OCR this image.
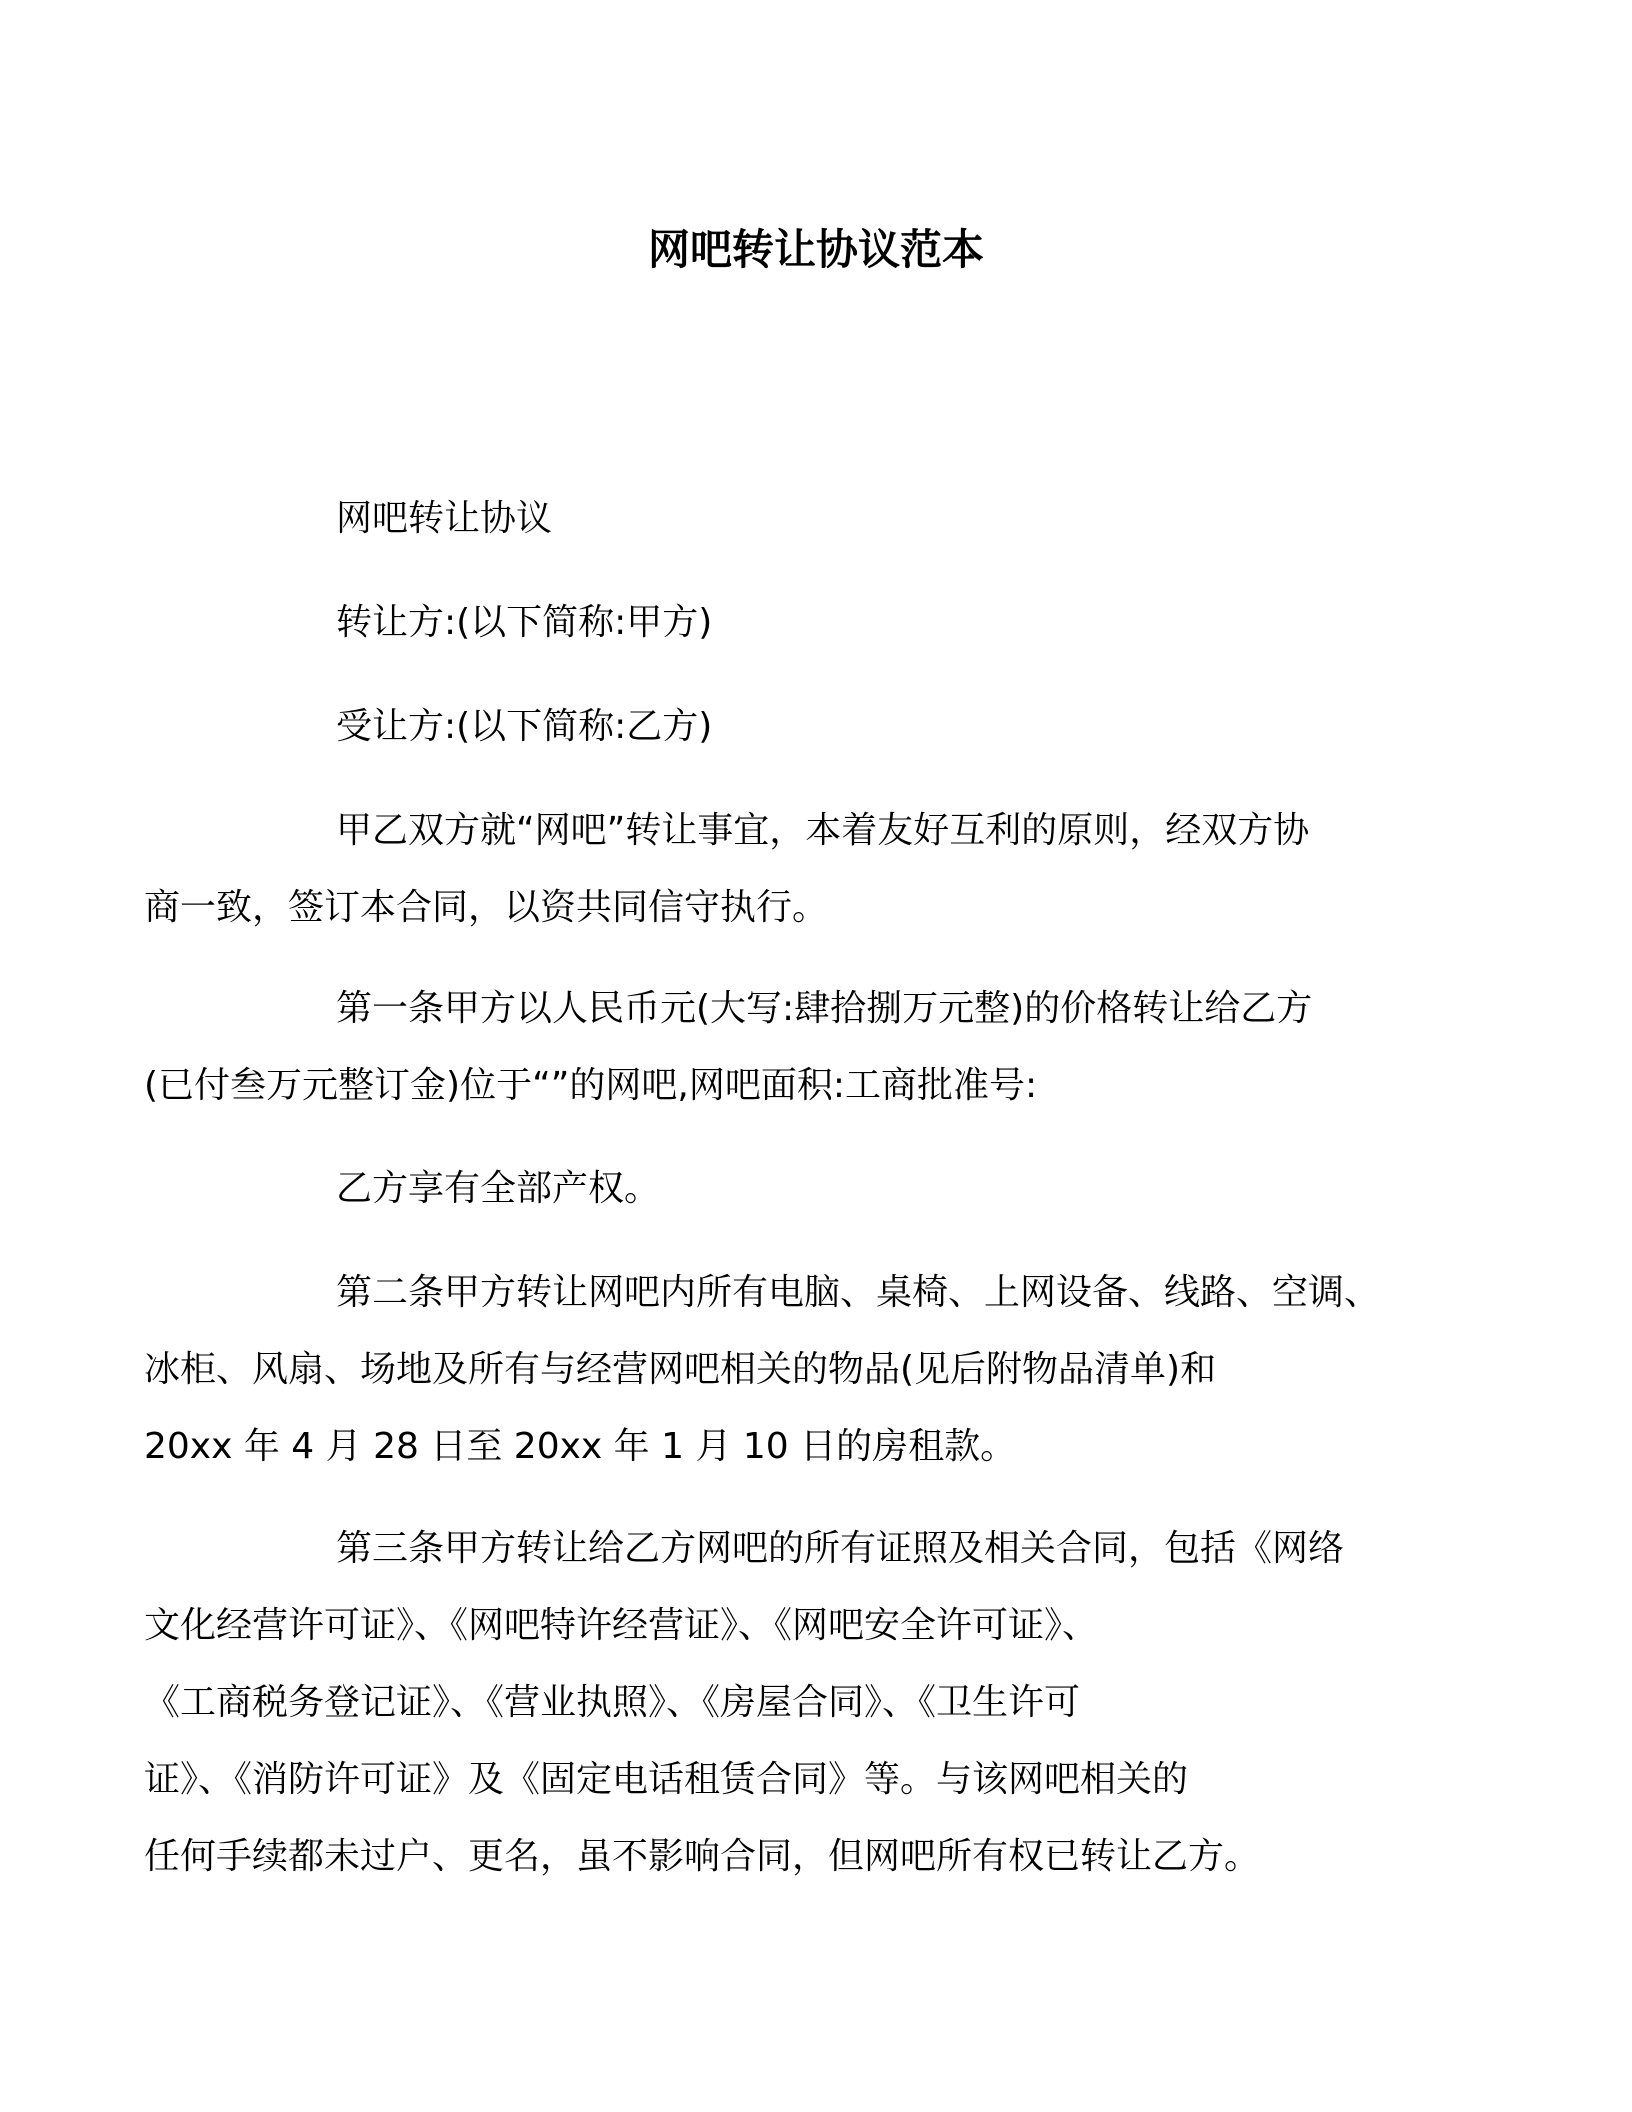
网吧转让协议范本
网吧转让协议
转让方:(以下简称:甲方)
受让方:(以下简称:乙方)
甲乙双方就“网吧”转让事宜，本着友好互利的原则，经双方协
商一致，签订本合同，以资共同信守执行。
第一条甲方以人民币元(大写:肆拾捌万元整)的价格转让给乙方
(已付叁万元整订金)位于“”的网吧,网吧面积:工商批准号:
乙方享有全部产权。
第二条甲方转让网吧内所有电脑、桌椅、上网设备、线路、空调、
冰柜、风扇、场地及所有与经营网吧相关的物品(见后附物品清单)和
20xx 年 4 月 28 日至 20xx 年 1 月 10 日的房租款。
第三条甲方转让给乙方网吧的所有证照及相关合同，包括《网络
文化经营许可证》、《网吧特许经营证》、《网吧安全许可证》、
《工商税务登记证》、《营业执照》、《房屋合同》、《卫生许可
证》、《消防许可证》及《固定电话租赁合同》等。与该网吧相关的
任何手续都未过户、更名，虽不影响合同，但网吧所有权已转让乙方。
